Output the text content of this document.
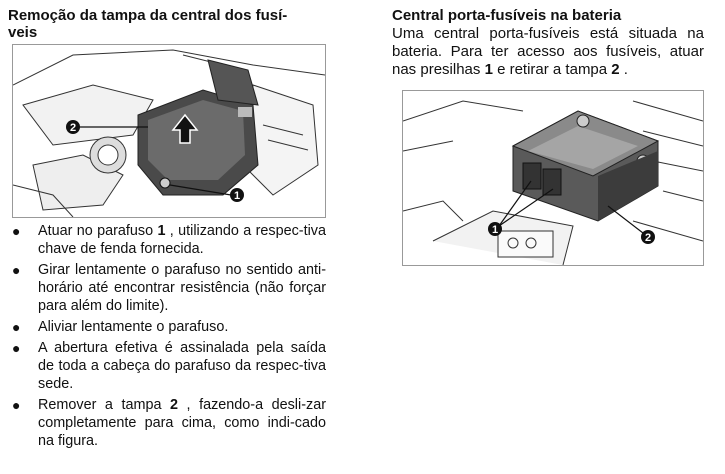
Remoção da tampa da central dos fusí-
veis
2
1
● Atuar no parafuso 1 , utilizando a respec-tiva chave de fenda fornecida.
● Girar lentamente o parafuso no sentido anti-horário até encontrar resistência (não forçar para além do limite).
● Aliviar lentamente o parafuso.
● A abertura efetiva é assinalada pela saída de toda a cabeça do parafuso da respec-tiva sede.
● Remover a tampa 2 , fazendo-a desli-zar completamente para cima, como indi-cado na figura.
Central porta-fusíveis na bateria

Uma central porta-fusíveis está situada na bateria. Para ter acesso aos fusíveis, atuar nas presilhas 1 e retirar a tampa 2 .

1
2
